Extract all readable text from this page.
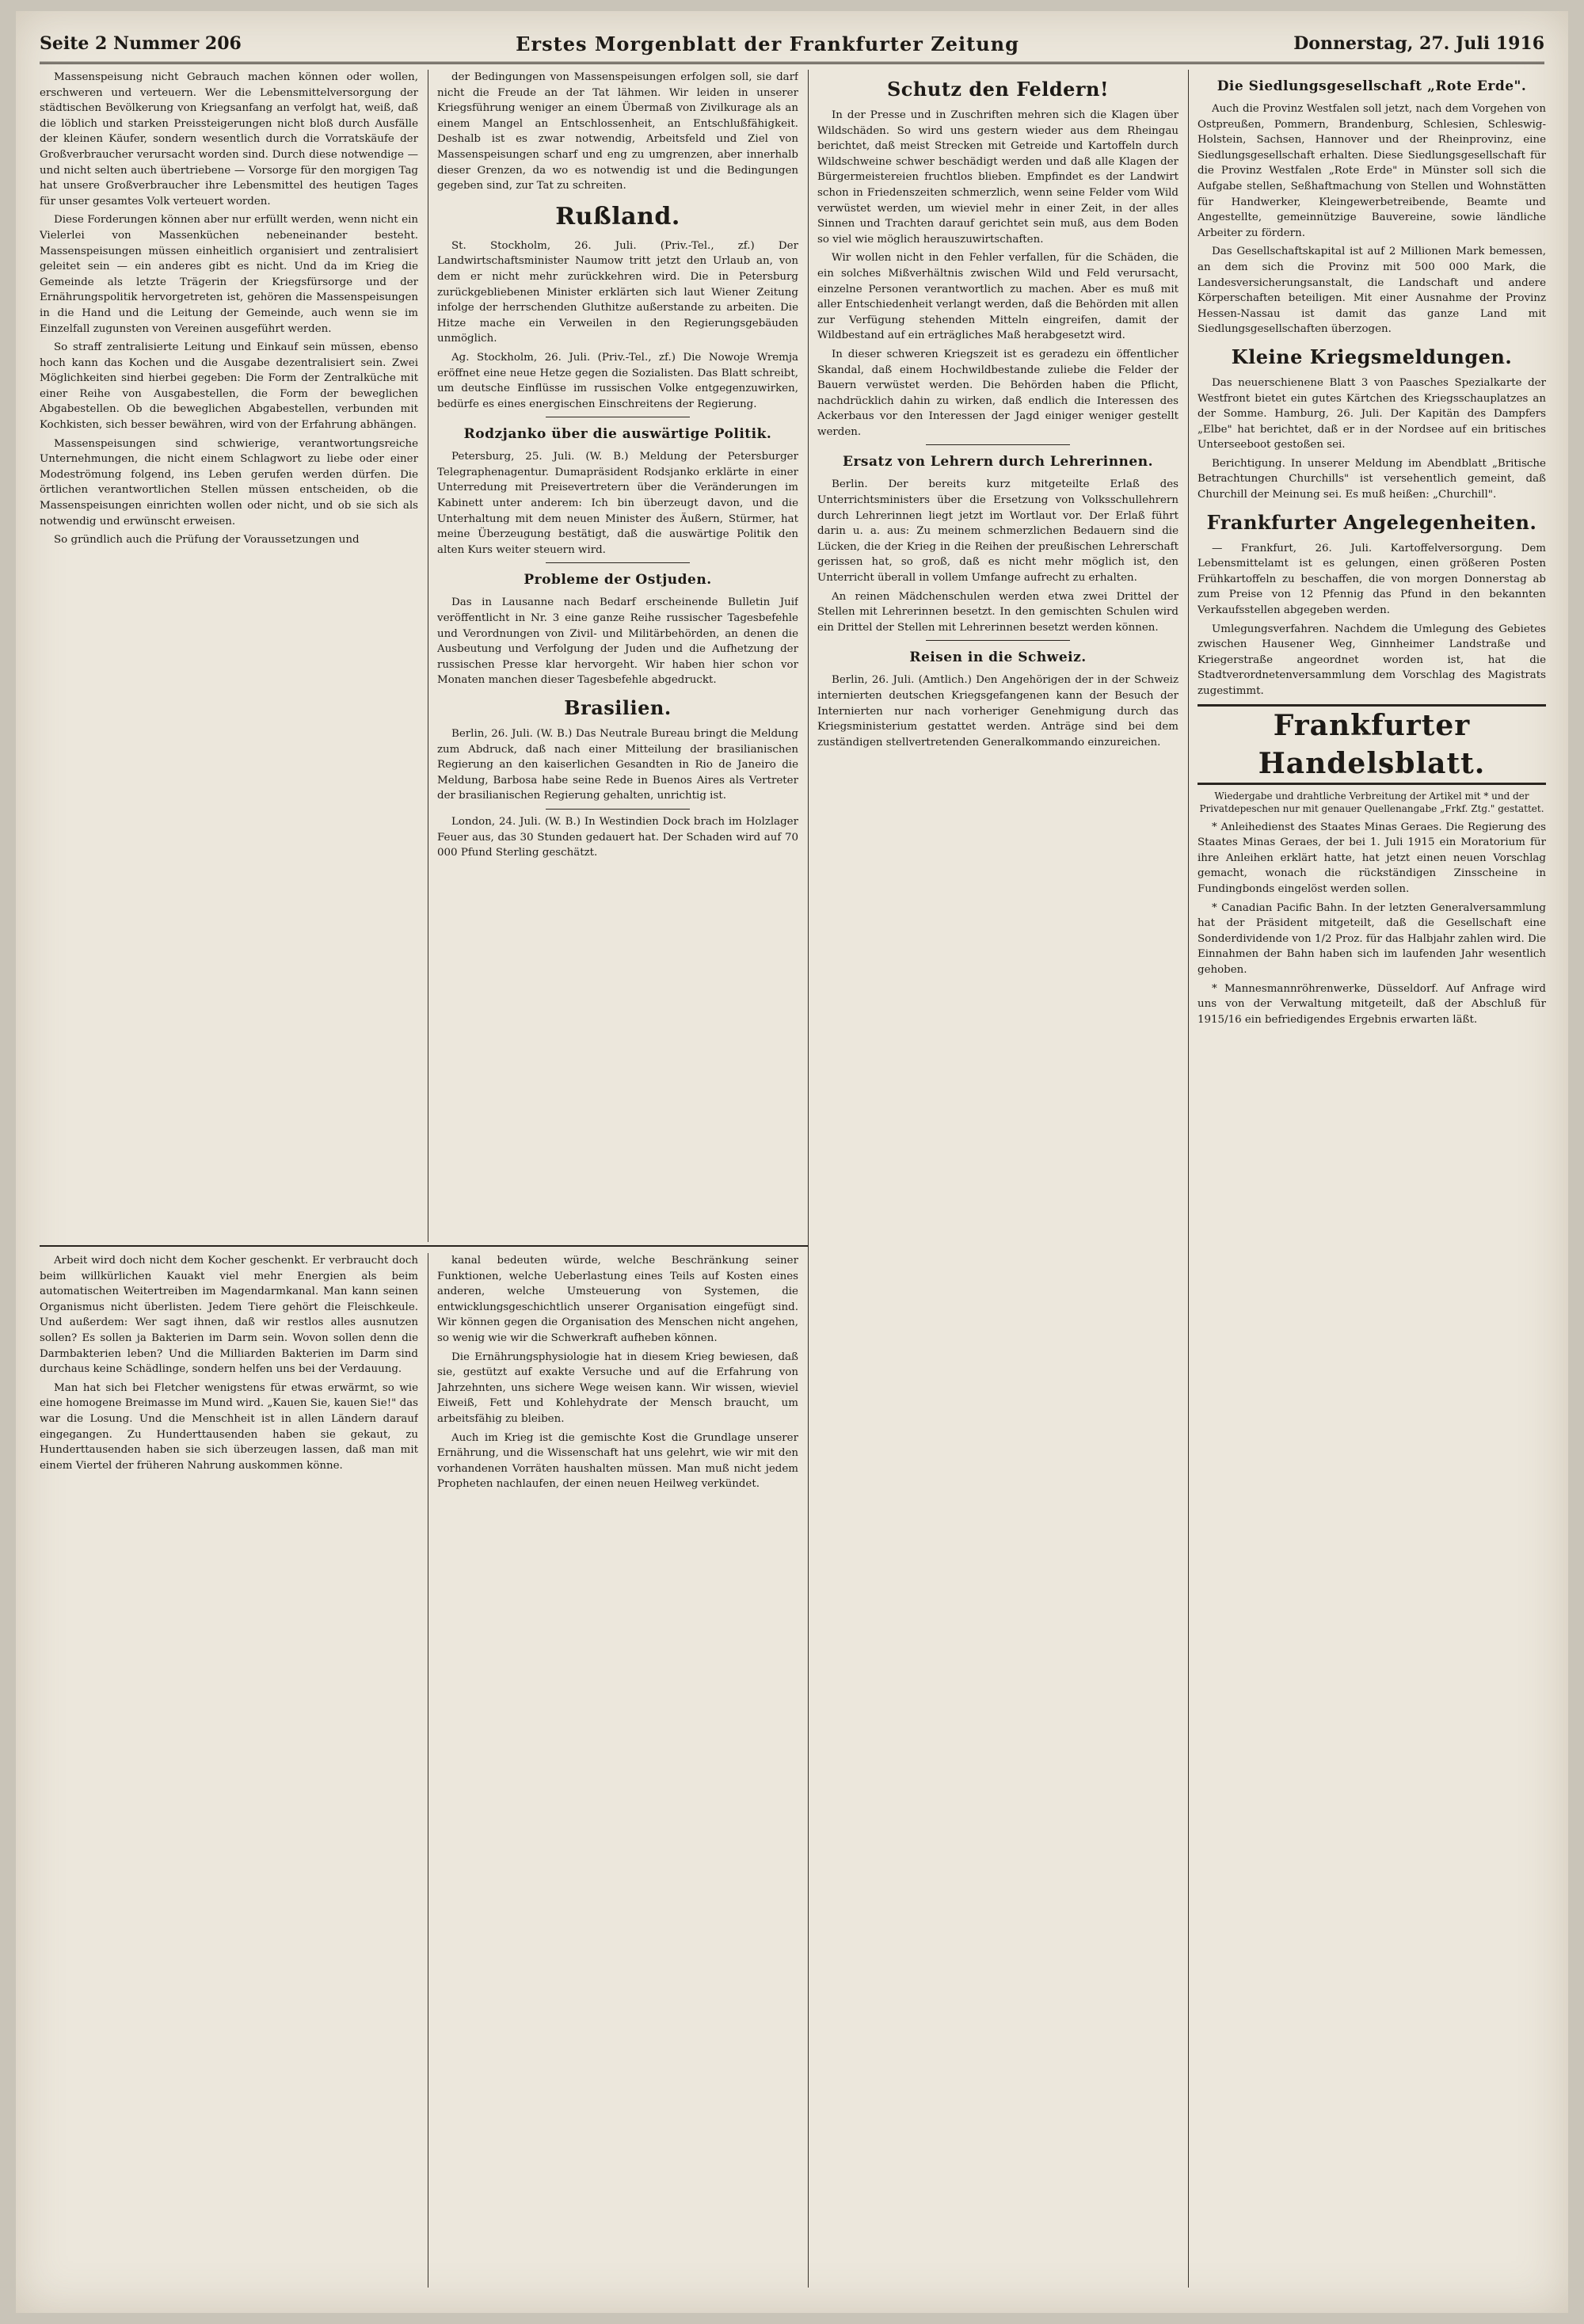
Seite 2 Nummer 206	Erstes Morgenblatt der Frankfurter Zeitung	Donnerstag, 27. Juli 1916

Massenspeisung nicht Gebrauch machen können oder wollen, erschweren und verteuern. Wer die Lebensmittelversorgung der städtischen Bevölkerung von Kriegsanfang an verfolgt hat, weiß, daß die löblich und starken Preissteigerungen nicht bloß durch Ausfälle der kleinen Käufer, sondern wesentlich durch die Vorratskäufe der Großverbraucher verursacht worden sind. Durch diese notwendige — und nicht selten auch übertriebene — Vorsorge für den morgigen Tag hat unsere Großverbraucher ihre Lebensmittel des heutigen Tages für unser gesamtes Volk verteuert worden.

Diese Forderungen können aber nur erfüllt werden, wenn nicht ein Vielerlei von Massenküchen nebeneinander besteht. Massenspeisungen müssen einheitlich organisiert und zentralisiert geleitet sein — ein anderes gibt es nicht. Und da im Krieg die Gemeinde als letzte Trägerin der Kriegsfürsorge und der Ernährungspolitik hervorgetreten ist, gehören die Massenspeisungen in die Hand und die Leitung der Gemeinde, auch wenn sie im Einzelfall zugunsten von Vereinen ausgeführt werden.

So straff zentralisierte Leitung und Einkauf sein müssen, ebenso hoch kann das Kochen und die Ausgabe dezentralisiert sein. Zwei Möglichkeiten sind hierbei gegeben: Die Form der Zentralküche mit einer Reihe von Ausgabestellen, die Form der beweglichen Abgabestellen. Ob die beweglichen Abgabestellen, verbunden mit Kochkisten, sich besser bewähren, wird von der Erfahrung abhängen.

Massenspeisungen sind schwierige, verantwortungsreiche Unternehmungen, die nicht einem Schlagwort zu liebe oder einer Modeströmung folgend, ins Leben gerufen werden dürfen. Die örtlichen verantwortlichen Stellen müssen entscheiden, ob die Massenspeisungen einrichten wollen oder nicht, und ob sie sich als notwendig und erwünscht erweisen.

So gründlich auch die Prüfung der Voraussetzungen und

der Bedingungen von Massenspeisungen erfolgen soll, sie darf nicht die Freude an der Tat lähmen. Wir leiden in unserer Kriegsführung weniger an einem Übermaß von Zivilkurage als an einem Mangel an Entschlossenheit, an Entschlußfähigkeit. Deshalb ist es zwar notwendig, Arbeitsfeld und Ziel von Massenspeisungen scharf und eng zu umgrenzen, aber innerhalb dieser Grenzen, da wo es notwendig ist und die Bedingungen gegeben sind, zur Tat zu schreiten.

Rußland.

St. Stockholm, 26. Juli. (Priv.-Tel., zf.) Der Landwirtschaftsminister Naumow tritt jetzt den Urlaub an, von dem er nicht mehr zurückkehren wird. Die in Petersburg zurückgebliebenen Minister erklärten sich laut Wiener Zeitung infolge der herrschenden Gluthitze außerstande zu arbeiten. Die Hitze mache ein Verweilen in den Regierungsgebäuden unmöglich.

Ag. Stockholm, 26. Juli. (Priv.-Tel., zf.) Die Nowoje Wremja eröffnet eine neue Hetze gegen die Sozialisten. Das Blatt schreibt, um deutsche Einflüsse im russischen Volke entgegenzuwirken, bedürfe es eines energischen Einschreitens der Regierung.

Rodzjanko über die auswärtige Politik.

Petersburg, 25. Juli. (W. B.) Meldung der Petersburger Telegraphenagentur. Dumapräsident Rodsjanko erklärte in einer Unterredung mit Preisevertretern über die Veränderungen im Kabinett unter anderem: Ich bin überzeugt davon, und die Unterhaltung mit dem neuen Minister des Äußern, Stürmer, hat meine Überzeugung bestätigt, daß die auswärtige Politik den alten Kurs weiter steuern wird.

Probleme der Ostjuden.

Das in Lausanne nach Bedarf erscheinende Bulletin Juif veröffentlicht in Nr. 3 eine ganze Reihe russischer Tagesbefehle und Verordnungen von Zivil- und Militärbehörden, an denen die Ausbeutung und Verfolgung der Juden und die Aufhetzung der russischen Presse klar hervorgeht. Wir haben hier schon vor Monaten manchen dieser Tagesbefehle abgedruckt.

Brasilien.

Berlin, 26. Juli. (W. B.) Das Neutrale Bureau bringt die Meldung zum Abdruck, daß nach einer Mitteilung der brasilianischen Regierung an den kaiserlichen Gesandten in Rio de Janeiro die Meldung, Barbosa habe seine Rede in Buenos Aires als Vertreter der brasilianischen Regierung gehalten, unrichtig ist.

London, 24. Juli. (W. B.) In Westindien Dock brach im Holzlager Feuer aus, das 30 Stunden gedauert hat. Der Schaden wird auf 70 000 Pfund Sterling geschätzt.

Schutz den Feldern!

In der Presse und in Zuschriften mehren sich die Klagen über Wildschäden. So wird uns gestern wieder aus dem Rheingau berichtet, daß meist Strecken mit Getreide und Kartoffeln durch Wildschweine schwer beschädigt werden und daß alle Klagen der Bürgermeistereien fruchtlos blieben. Empfindet es der Landwirt schon in Friedenszeiten schmerzlich, wenn seine Felder vom Wild verwüstet werden, um wieviel mehr in einer Zeit, in der alles Sinnen und Trachten darauf gerichtet sein muß, aus dem Boden so viel wie möglich herauszuwirtschaften.

Wir wollen nicht in den Fehler verfallen, für die Schäden, die ein solches Mißverhältnis zwischen Wild und Feld verursacht, einzelne Personen verantwortlich zu machen. Aber es muß mit aller Entschiedenheit verlangt werden, daß die Behörden mit allen zur Verfügung stehenden Mitteln eingreifen, damit der Wildbestand auf ein erträgliches Maß herabgesetzt wird.

In dieser schweren Kriegszeit ist es geradezu ein öffentlicher Skandal, daß einem Hochwildbestande zuliebe die Felder der Bauern verwüstet werden. Die Behörden haben die Pflicht, nachdrücklich dahin zu wirken, daß endlich die Interessen des Ackerbaus vor den Interessen der Jagd einiger weniger gestellt werden.

Ersatz von Lehrern durch Lehrerinnen.

Berlin. Der bereits kurz mitgeteilte Erlaß des Unterrichtsministers über die Ersetzung von Volksschullehrern durch Lehrerinnen liegt jetzt im Wortlaut vor. Der Erlaß führt darin u. a. aus: Zu meinem schmerzlichen Bedauern sind die Lücken, die der Krieg in die Reihen der preußischen Lehrerschaft gerissen hat, so groß, daß es nicht mehr möglich ist, den Unterricht überall in vollem Umfange aufrecht zu erhalten.

An reinen Mädchenschulen werden etwa zwei Drittel der Stellen mit Lehrerinnen besetzt. In den gemischten Schulen wird ein Drittel der Stellen mit Lehrerinnen besetzt werden können.

Reisen in die Schweiz.

Berlin, 26. Juli. (Amtlich.) Den Angehörigen der in der Schweiz internierten deutschen Kriegsgefangenen kann der Besuch der Internierten nur nach vorheriger Genehmigung durch das Kriegsministerium gestattet werden. Anträge sind bei dem zuständigen stellvertretenden Generalkommando einzureichen.

Die Siedlungsgesellschaft „Rote Erde".

Auch die Provinz Westfalen soll jetzt, nach dem Vorgehen von Ostpreußen, Pommern, Brandenburg, Schlesien, Schleswig-Holstein, Sachsen, Hannover und der Rheinprovinz, eine Siedlungsgesellschaft erhalten. Diese Siedlungsgesellschaft für die Provinz Westfalen „Rote Erde" in Münster soll sich die Aufgabe stellen, Seßhaftmachung von Stellen und Wohnstätten für Handwerker, Kleingewerbetreibende, Beamte und Angestellte, gemeinnützige Bauvereine, sowie ländliche Arbeiter zu fördern.

Das Gesellschaftskapital ist auf 2 Millionen Mark bemessen, an dem sich die Provinz mit 500 000 Mark, die Landesversicherungsanstalt, die Landschaft und andere Körperschaften beteiligen. Mit einer Ausnahme der Provinz Hessen-Nassau ist damit das ganze Land mit Siedlungsgesellschaften überzogen.

Kleine Kriegsmeldungen.

Das neuerschienene Blatt 3 von Paasches Spezialkarte der Westfront bietet ein gutes Kärtchen des Kriegsschauplatzes an der Somme. Hamburg, 26. Juli. Der Kapitän des Dampfers „Elbe" hat berichtet, daß er in der Nordsee auf ein britisches Unterseeboot gestoßen sei.

Berichtigung. In unserer Meldung im Abendblatt „Britische Betrachtungen Churchills" ist versehentlich gemeint, daß Churchill der Meinung sei. Es muß heißen: „Churchill".

Frankfurter Angelegenheiten.

— Frankfurt, 26. Juli. Kartoffelversorgung. Dem Lebensmittelamt ist es gelungen, einen größeren Posten Frühkartoffeln zu beschaffen, die von morgen Donnerstag ab zum Preise von 12 Pfennig das Pfund in den bekannten Verkaufsstellen abgegeben werden.

Umlegungsverfahren. Nachdem die Umlegung des Gebietes zwischen Hausener Weg, Ginnheimer Landstraße und Kriegerstraße angeordnet worden ist, hat die Stadtverordnetenversammlung dem Vorschlag des Magistrats zugestimmt.

Frankfurter Handelsblatt.
Wiedergabe und drahtliche Verbreitung der Artikel mit * und der Privatdepeschen nur mit genauer Quellenangabe „Frkf. Ztg." gestattet.

* Anleihedienst des Staates Minas Geraes. Die Regierung des Staates Minas Geraes, der bei 1. Juli 1915 ein Moratorium für ihre Anleihen erklärt hatte, hat jetzt einen neuen Vorschlag gemacht, wonach die rückständigen Zinsscheine in Fundingbonds eingelöst werden sollen.

* Canadian Pacific Bahn. In der letzten Generalversammlung hat der Präsident mitgeteilt, daß die Gesellschaft eine Sonderdividende von 1/2 Proz. für das Halbjahr zahlen wird. Die Einnahmen der Bahn haben sich im laufenden Jahr wesentlich gehoben.

* Mannesmannröhrenwerke, Düsseldorf. Auf Anfrage wird uns von der Verwaltung mitgeteilt, daß der Abschluß für 1915/16 ein befriedigendes Ergebnis erwarten läßt.

Arbeit wird doch nicht dem Kocher geschenkt. Er verbraucht doch beim willkürlichen Kauakt viel mehr Energien als beim automatischen Weitertreiben im Magendarmkanal. Man kann seinen Organismus nicht überlisten. Jedem Tiere gehört die Fleischkeule. Und außerdem: Wer sagt ihnen, daß wir restlos alles ausnutzen sollen? Es sollen ja Bakterien im Darm sein. Wovon sollen denn die Darmbakterien leben? Und die Milliarden Bakterien im Darm sind durchaus keine Schädlinge, sondern helfen uns bei der Verdauung.

Man hat sich bei Fletcher wenigstens für etwas erwärmt, so wie eine homogene Breimasse im Mund wird. „Kauen Sie, kauen Sie!" das war die Losung. Und die Menschheit ist in allen Ländern darauf eingegangen. Zu Hunderttausenden haben sie gekaut, zu Hunderttausenden haben sie sich überzeugen lassen, daß man mit einem Viertel der früheren Nahrung auskommen könne.

kanal bedeuten würde, welche Beschränkung seiner Funktionen, welche Ueberlastung eines Teils auf Kosten eines anderen, welche Umsteuerung von Systemen, die entwicklungsgeschichtlich unserer Organisation eingefügt sind. Wir können gegen die Organisation des Menschen nicht angehen, so wenig wie wir die Schwerkraft aufheben können.

Die Ernährungsphysiologie hat in diesem Krieg bewiesen, daß sie, gestützt auf exakte Versuche und auf die Erfahrung von Jahrzehnten, uns sichere Wege weisen kann. Wir wissen, wieviel Eiweiß, Fett und Kohlehydrate der Mensch braucht, um arbeitsfähig zu bleiben.

Auch im Krieg ist die gemischte Kost die Grundlage unserer Ernährung, und die Wissenschaft hat uns gelehrt, wie wir mit den vorhandenen Vorräten haushalten müssen. Man muß nicht jedem Propheten nachlaufen, der einen neuen Heilweg verkündet.
